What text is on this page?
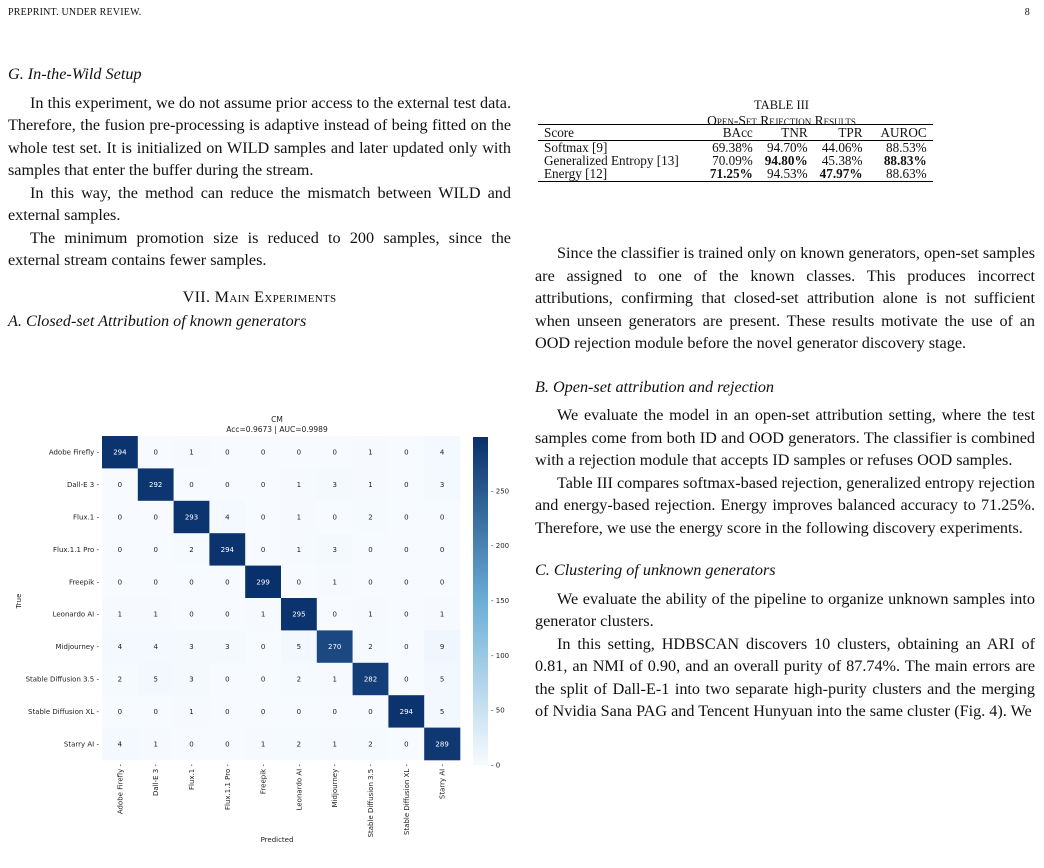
PREPRINT. UNDER REVIEW.	8
G. In-the-Wild Setup

In this experiment, we do not assume prior access to the external test data. Therefore, the fusion pre-processing is adaptive instead of being fitted on the whole test set. It is initialized on WILD samples and later updated only with samples that enter the buffer during the stream.

In this way, the method can reduce the mismatch between WILD and external samples.

The minimum promotion size is reduced to 200 samples, since the external stream contains fewer samples.

VII. Main Experiments
A. Closed-set Attribution of known generators
CM
Acc=0.9673 | AUC=0.9989
294	0	1	0	0	0	0	1	0	4
0	292	0	0	0	1	3	1	0	3
0	0	293	4	0	1	0	2	0	0
0	0	2	294	0	1	3	0	0	0
0	0	0	0	299	0	1	0	0	0
1	1	0	0	1	295	0	1	0	1
4	4	3	3	0	5	270	2	0	9
2	5	3	0	0	2	1	282	0	5
0	0	1	0	0	0	0	0	294	5
4	1	0	0	1	2	1	2	0	289
Adobe Firefly -
Dall-E 3 -
Flux.1 -
Flux.1.1 Pro -
Freepik -
Leonardo AI -
Midjourney -
Stable Diffusion 3.5 -
Stable Diffusion XL -
Starry AI -
Adobe Firefly -	Dall-E 3 -	Flux.1 -	Flux.1.1 Pro -	Freepik -	Leonardo AI -	Midjourney -	Stable Diffusion 3.5 -	Stable Diffusion XL -	Starry AI -	- 0
- 50
- 100
- 150
- 200
- 250
True
Predicted
TABLE III
Open-Set Rejection Results
Score	BAcc	TNR	TPR	AUROC
Softmax [9]	69.38%	94.70%	44.06%	88.53%
Generalized Entropy [13]	70.09%	94.80%	45.38%	88.83%
Energy [12]	71.25%	94.53%	47.97%	88.63%

Since the classifier is trained only on known generators, open-set samples are assigned to one of the known classes. This produces incorrect attributions, confirming that closed-set attribution alone is not sufficient when unseen generators are present. These results motivate the use of an OOD rejection module before the novel generator discovery stage.

B. Open-set attribution and rejection

We evaluate the model in an open-set attribution setting, where the test samples come from both ID and OOD generators. The classifier is combined with a rejection module that accepts ID samples or refuses OOD samples.

Table III compares softmax-based rejection, generalized entropy rejection and energy-based rejection. Energy improves balanced accuracy to 71.25%. Therefore, we use the energy score in the following discovery experiments.

C. Clustering of unknown generators

We evaluate the ability of the pipeline to organize unknown samples into generator clusters.

In this setting, HDBSCAN discovers 10 clusters, obtaining an ARI of 0.81, an NMI of 0.90, and an overall purity of 87.74%. The main errors are the split of Dall-E-1 into two separate high-purity clusters and the merging of Nvidia Sana PAG and Tencent Hunyuan into the same cluster (Fig. 4). We
